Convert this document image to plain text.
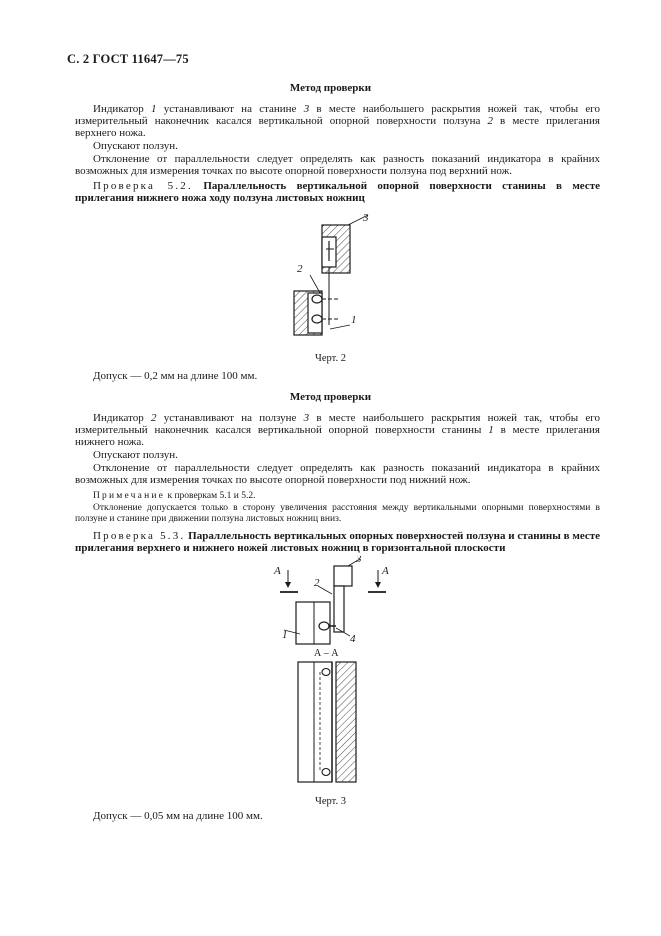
С. 2 ГОСТ 11647—75
Метод проверки
Индикатор 1 устанавливают на станине 3 в месте наибольшего раскрытия ножей так, чтобы его измерительный наконечник касался вертикальной опорной поверхности ползуна 2 в месте прилегания верхнего ножа.
Опускают ползун.
Отклонение от параллельности следует определять как разность показаний индикатора в крайних возможных для измерения точках по высоте опорной поверхности ползуна под верхний нож.
Проверка 5.2. Параллельность вертикальной опорной поверхности станины в месте прилегания нижнего ножа ходу ползуна листовых ножниц
3
2
1
Черт. 2
Допуск — 0,2 мм на длине 100 мм.
Метод проверки
Индикатор 2 устанавливают на ползуне 3 в месте наибольшего раскрытия ножей так, чтобы его измерительный наконечник касался вертикальной опорной поверхности станины 1 в месте прилегания нижнего ножа.
Опускают ползун.
Отклонение от параллельности следует определять как разность показаний индикатора в крайних возможных для измерения точках по высоте опорной поверхности под нижний нож.
Примечание к проверкам 5.1 и 5.2.
Отклонение допускается только в сторону увеличения расстояния между вертикальными опорными поверхностями в ползуне и станине при движении ползуна листовых ножниц вниз.
Проверка 5.3. Параллельность вертикальных опорных поверхностей ползуна и станины в месте прилегания верхнего и нижнего ножей листовых ножниц в горизонтальной плоскости
A	A
3
2
1	4
А – А
Черт. 3
Допуск — 0,05 мм на длине 100 мм.
